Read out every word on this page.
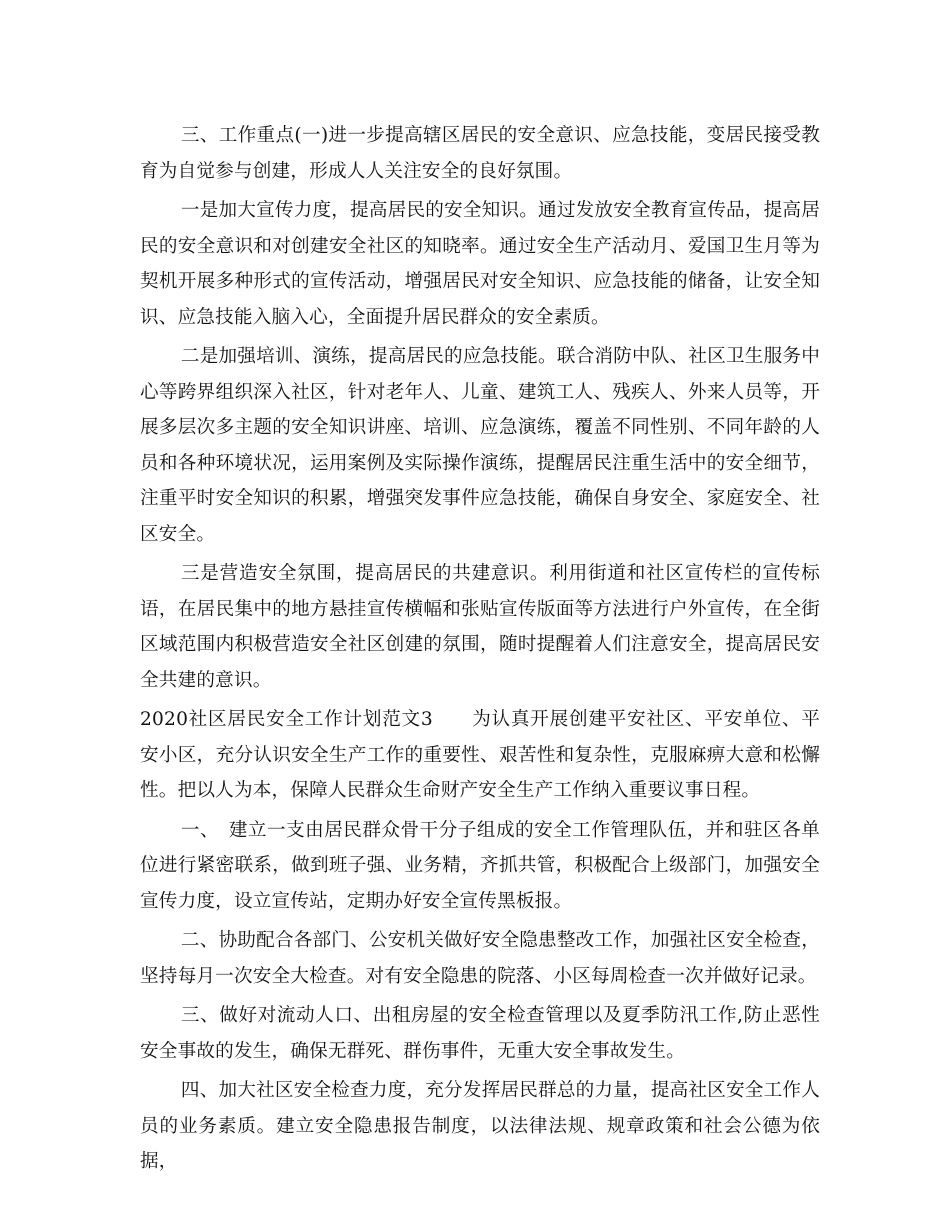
三、工作重点(一)进一步提高辖区居民的安全意识、应急技能，变居民接受教育为自觉参与创建，形成人人关注安全的良好氛围。

一是加大宣传力度，提高居民的安全知识。通过发放安全教育宣传品，提高居民的安全意识和对创建安全社区的知晓率。通过安全生产活动月、爱国卫生月等为契机开展多种形式的宣传活动，增强居民对安全知识、应急技能的储备，让安全知识、应急技能入脑入心，全面提升居民群众的安全素质。

二是加强培训、演练，提高居民的应急技能。联合消防中队、社区卫生服务中心等跨界组织深入社区，针对老年人、儿童、建筑工人、残疾人、外来人员等，开展多层次多主题的安全知识讲座、培训、应急演练，覆盖不同性别、不同年龄的人员和各种环境状况，运用案例及实际操作演练，提醒居民注重生活中的安全细节，注重平时安全知识的积累，增强突发事件应急技能，确保自身安全、家庭安全、社区安全。

三是营造安全氛围，提高居民的共建意识。利用街道和社区宣传栏的宣传标语，在居民集中的地方悬挂宣传横幅和张贴宣传版面等方法进行户外宣传，在全街区域范围内积极营造安全社区创建的氛围，随时提醒着人们注意安全，提高居民安全共建的意识。

2020社区居民安全工作计划范文3　　为认真开展创建平安社区、平安单位、平安小区，充分认识安全生产工作的重要性、艰苦性和复杂性，克服麻痹大意和松懈性。把以人为本，保障人民群众生命财产安全生产工作纳入重要议事日程。

一、　建立一支由居民群众骨干分子组成的安全工作管理队伍，并和驻区各单位进行紧密联系，做到班子强、业务精，齐抓共管，积极配合上级部门，加强安全宣传力度，设立宣传站，定期办好安全宣传黑板报。

二、协助配合各部门、公安机关做好安全隐患整改工作，加强社区安全检查，坚持每月一次安全大检查。对有安全隐患的院落、小区每周检查一次并做好记录。

三、做好对流动人口、出租房屋的安全检查管理以及夏季防汛工作,防止恶性安全事故的发生，确保无群死、群伤事件，无重大安全事故发生。

四、加大社区安全检查力度，充分发挥居民群总的力量，提高社区安全工作人员的业务素质。建立安全隐患报告制度，以法律法规、规章政策和社会公德为依据，
